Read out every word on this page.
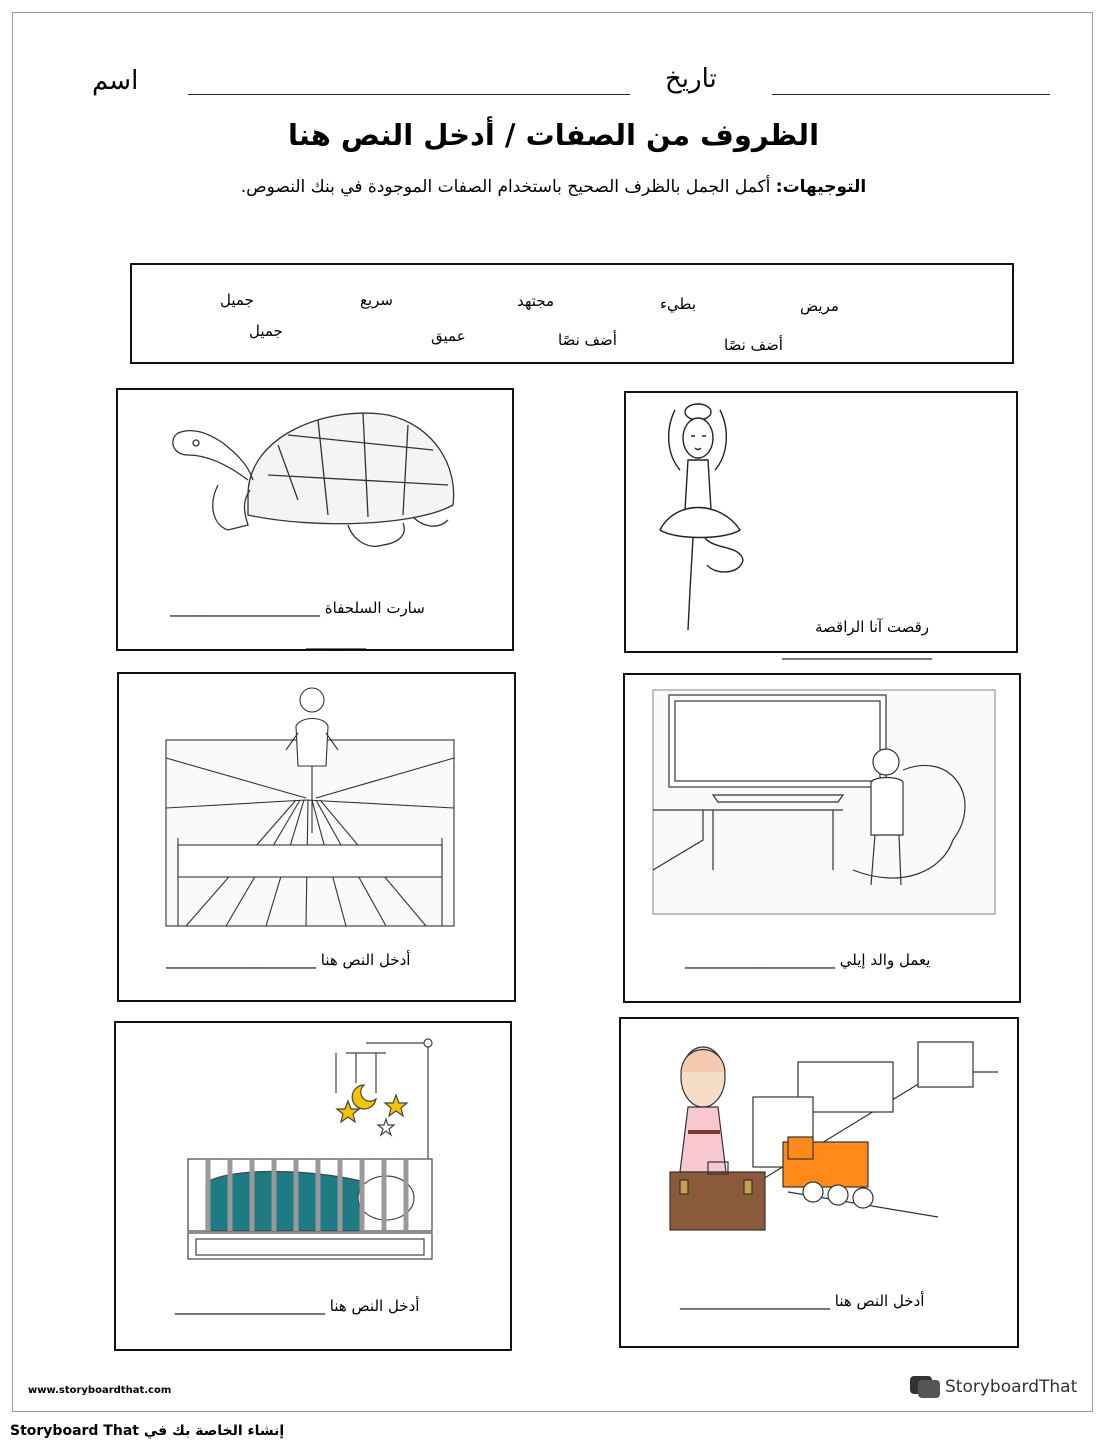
اسم	تاريخ
الظروف من الصفات / أدخل النص هنا
التوجيهات: أكمل الجمل بالظرف الصحيح باستخدام الصفات الموجودة في بنك النصوص.
جميل	سريع	مجتهد	بطيء	مريض
جميل	عميق	أضف نصًا	أضف نصًا
سارت السلحفاة ____________________
________
رقصت آنا الراقصة
____________________
أدخل النص هنا ____________________	يعمل والد إيلي ____________________
أدخل النص هنا ____________________	أدخل النص هنا ____________________
www.storyboardthat.com	StoryboardThat
إنشاء الخاصة بك في Storyboard That
